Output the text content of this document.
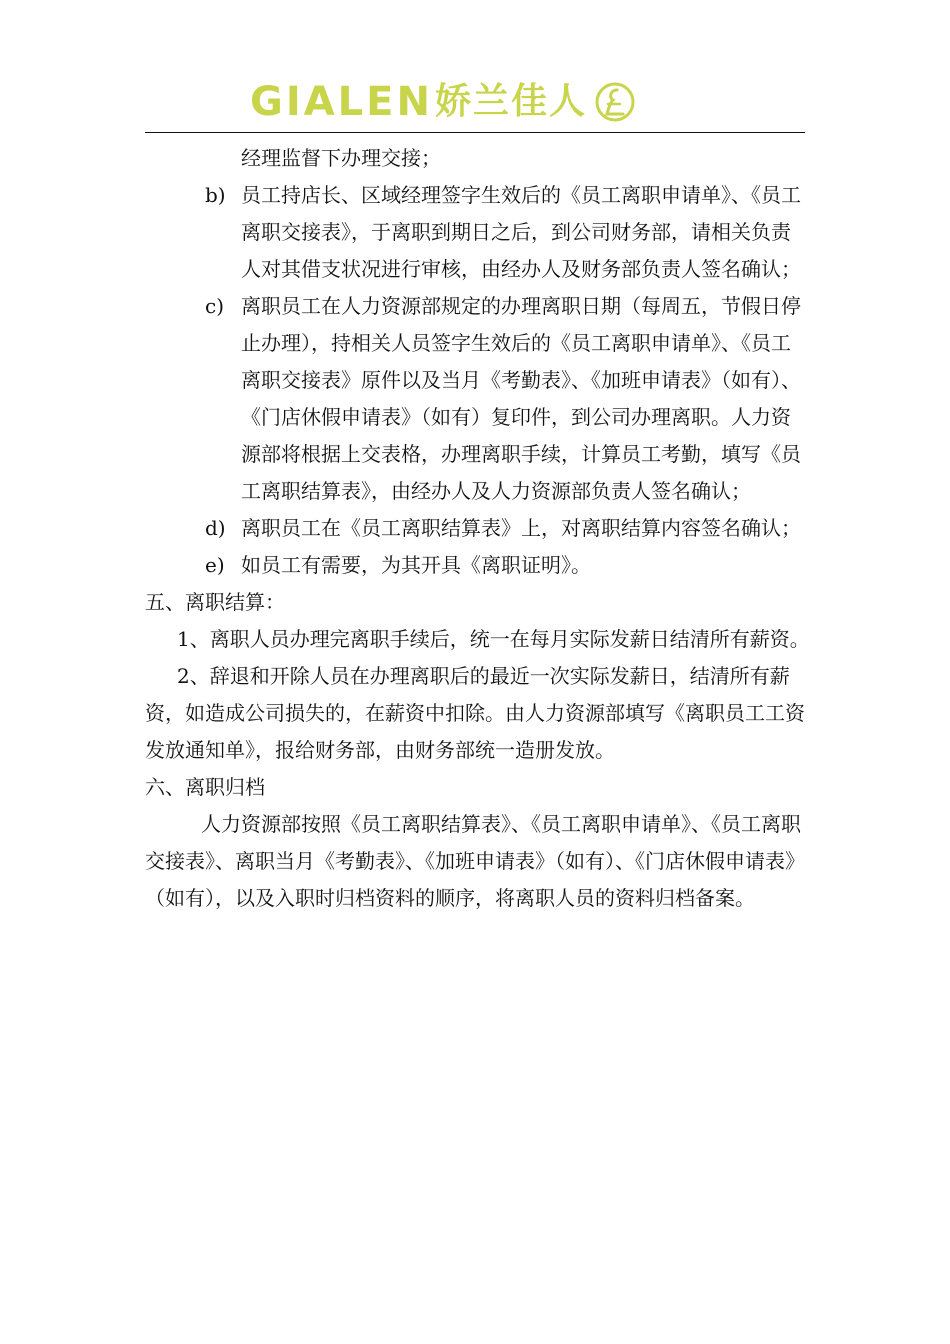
GIALEN 娇兰佳人
经理监督下办理交接；
b) 员工持店长、区域经理签字生效后的《员工离职申请单》、《员工离职交接表》，于离职到期日之后，到公司财务部，请相关负责人对其借支状况进行审核，由经办人及财务部负责人签名确认；
c) 离职员工在人力资源部规定的办理离职日期（每周五，节假日停止办理），持相关人员签字生效后的《员工离职申请单》、《员工离职交接表》原件以及当月《考勤表》、《加班申请表》（如有）、《门店休假申请表》（如有）复印件，到公司办理离职。人力资源部将根据上交表格，办理离职手续，计算员工考勤，填写《员工离职结算表》，由经办人及人力资源部负责人签名确认；
d) 离职员工在《员工离职结算表》上，对离职结算内容签名确认；
e) 如员工有需要，为其开具《离职证明》。
五、离职结算：
1、离职人员办理完离职手续后，统一在每月实际发薪日结清所有薪资。
2、辞退和开除人员在办理离职后的最近一次实际发薪日，结清所有薪资，如造成公司损失的，在薪资中扣除。由人力资源部填写《离职员工工资发放通知单》，报给财务部，由财务部统一造册发放。
六、离职归档
人力资源部按照《员工离职结算表》、《员工离职申请单》、《员工离职交接表》、离职当月《考勤表》、《加班申请表》（如有）、《门店休假申请表》（如有），以及入职时归档资料的顺序，将离职人员的资料归档备案。
